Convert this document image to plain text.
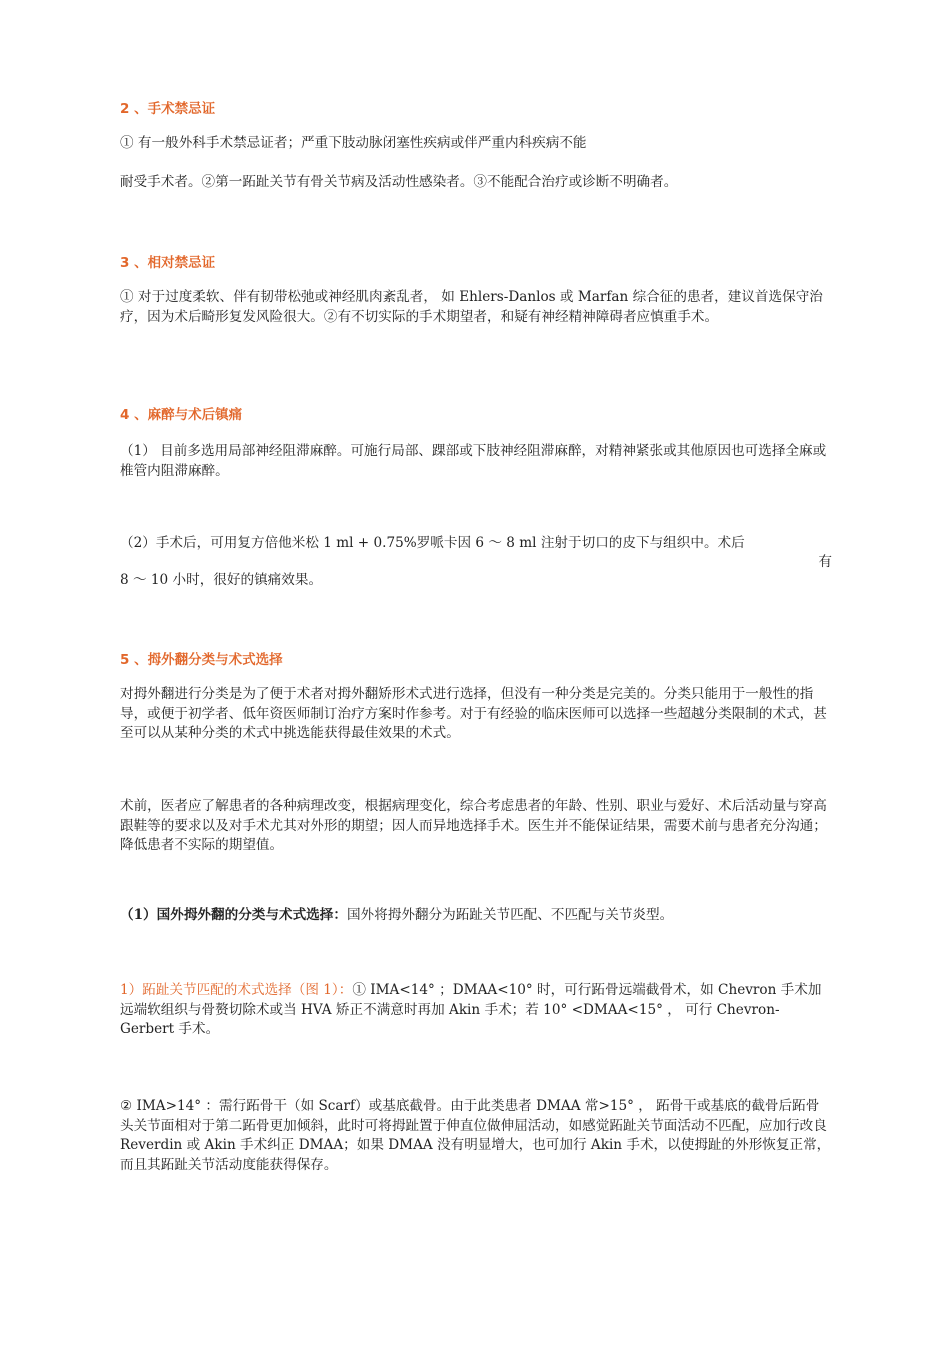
2 、手术禁忌证

① 有一般外科手术禁忌证者；严重下肢动脉闭塞性疾病或伴严重内科疾病不能

耐受手术者。②第一跖趾关节有骨关节病及活动性感染者。③不能配合治疗或诊断不明确者。

3 、相对禁忌证

① 对于过度柔软、伴有韧带松弛或神经肌肉紊乱者， 如 Ehlers-Danlos 或 Marfan 综合征的患者，建议首选保守治疗，因为术后畸形复发风险很大。②有不切实际的手术期望者，和疑有神经精神障碍者应慎重手术。

4 、麻醉与术后镇痛

（1） 目前多选用局部神经阻滞麻醉。可施行局部、踝部或下肢神经阻滞麻醉，对精神紧张或其他原因也可选择全麻或椎管内阻滞麻醉。

（2）手术后，可用复方倍他米松 1 ml + 0.75%罗哌卡因 6 ～ 8 ml 注射于切口的皮下与组织中。术后

有

8 ～ 10 小时，很好的镇痛效果。

5 、拇外翻分类与术式选择

对拇外翻进行分类是为了便于术者对拇外翻矫形术式进行选择，但没有一种分类是完美的。分类只能用于一般性的指导，或便于初学者、低年资医师制订治疗方案时作参考。对于有经验的临床医师可以选择一些超越分类限制的术式，甚至可以从某种分类的术式中挑选能获得最佳效果的术式。

术前，医者应了解患者的各种病理改变，根据病理变化，综合考虑患者的年龄、性别、职业与爱好、术后活动量与穿高跟鞋等的要求以及对手术尤其对外形的期望；因人而异地选择手术。医生并不能保证结果，需要术前与患者充分沟通；降低患者不实际的期望值。

（1）国外拇外翻的分类与术式选择：国外将拇外翻分为跖趾关节匹配、不匹配与关节炎型。

1）跖趾关节匹配的术式选择（图 1）：① IMA<14° ；DMAA<10° 时，可行跖骨远端截骨术，如 Chevron 手术加远端软组织与骨赘切除术或当 HVA 矫正不满意时再加 Akin 手术；若 10° <DMAA<15° ， 可行 Chevron-Gerbert 手术。

② IMA>14° ：需行跖骨干（如 Scarf）或基底截骨。由于此类患者 DMAA 常>15° ， 跖骨干或基底的截骨后跖骨头关节面相对于第二跖骨更加倾斜，此时可将拇趾置于伸直位做伸屈活动，如感觉跖趾关节面活动不匹配，应加行改良 Reverdin 或 Akin 手术纠正 DMAA；如果 DMAA 没有明显增大，也可加行 Akin 手术，以使拇趾的外形恢复正常，而且其跖趾关节活动度能获得保存。
